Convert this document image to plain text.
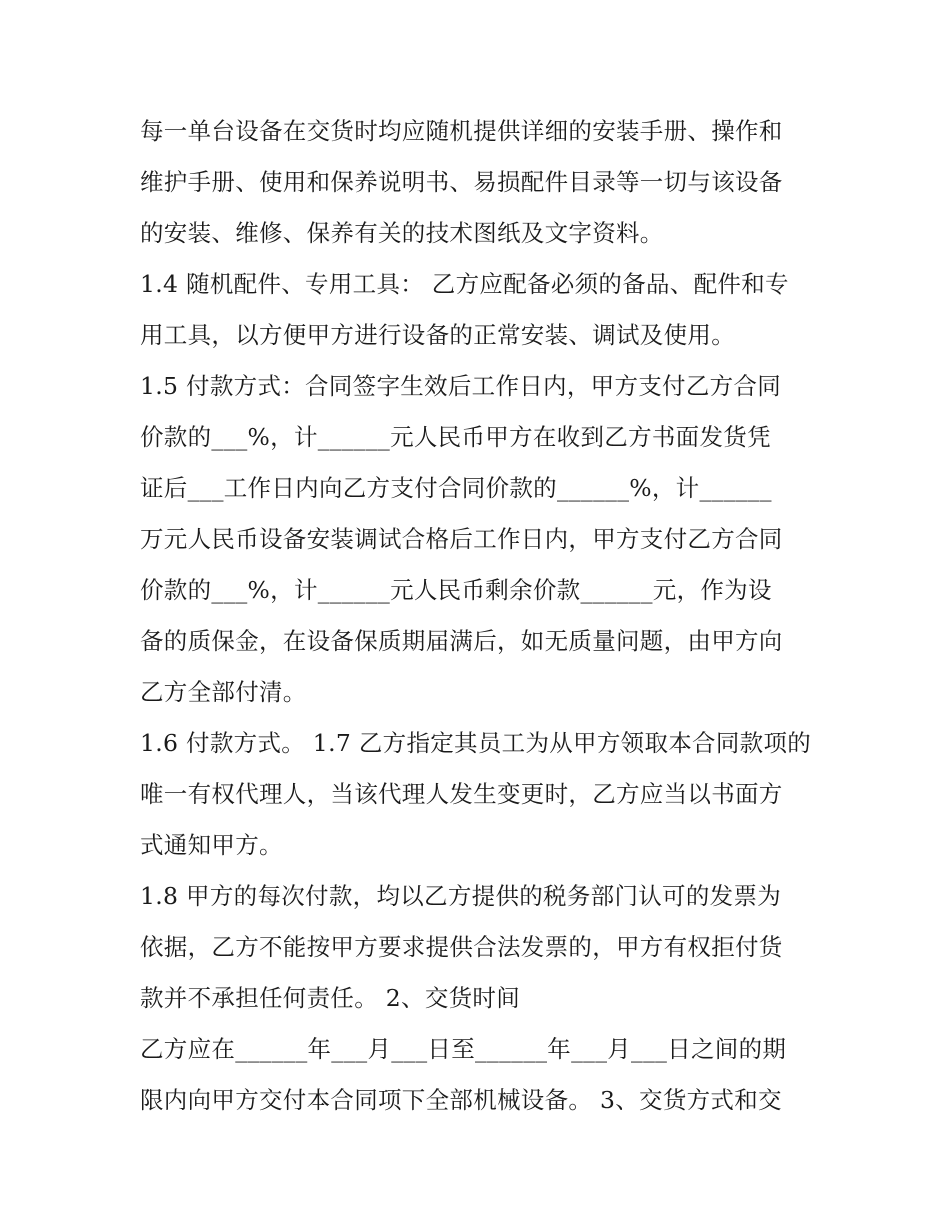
每一单台设备在交货时均应随机提供详细的安装手册、操作和
维护手册、使用和保养说明书、易损配件目录等一切与该设备
的安装、维修、保养有关的技术图纸及文字资料。
1.4 随机配件、专用工具： 乙方应配备必须的备品、配件和专
用工具，以方便甲方进行设备的正常安装、调试及使用。
1.5 付款方式：合同签字生效后工作日内，甲方支付乙方合同
价款的___%，计______元人民币甲方在收到乙方书面发货凭
证后___工作日内向乙方支付合同价款的______%，计______
万元人民币设备安装调试合格后工作日内，甲方支付乙方合同
价款的___%，计______元人民币剩余价款______元，作为设
备的质保金，在设备保质期届满后，如无质量问题，由甲方向
乙方全部付清。
1.6 付款方式。 1.7 乙方指定其员工为从甲方领取本合同款项的
唯一有权代理人，当该代理人发生变更时，乙方应当以书面方
式通知甲方。
1.8 甲方的每次付款，均以乙方提供的税务部门认可的发票为
依据，乙方不能按甲方要求提供合法发票的，甲方有权拒付货
款并不承担任何责任。 2、交货时间
乙方应在______年___月___日至______年___月___日之间的期
限内向甲方交付本合同项下全部机械设备。 3、交货方式和交
